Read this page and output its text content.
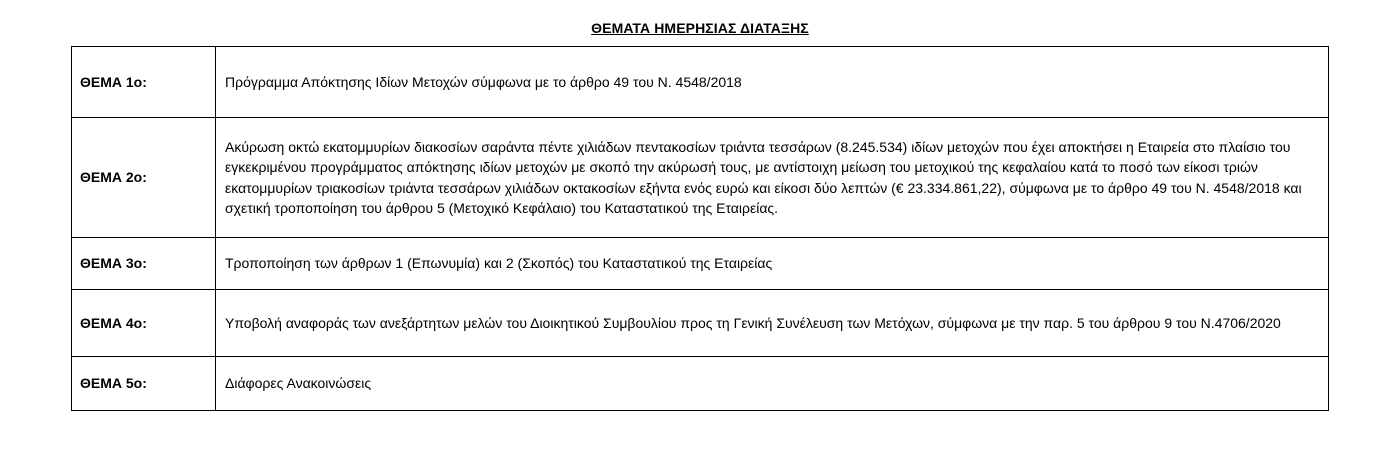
ΘΕΜΑΤΑ ΗΜΕΡΗΣΙΑΣ ΔΙΑΤΑΞΗΣ
ΘΕΜΑ 1ο:	Πρόγραμμα Απόκτησης Ιδίων Μετοχών σύμφωνα με το άρθρο 49 του Ν. 4548/2018
ΘΕΜΑ 2ο:	Ακύρωση οκτώ εκατομμυρίων διακοσίων σαράντα πέντε χιλιάδων πεντακοσίων τριάντα τεσσάρων (8.245.534) ιδίων μετοχών που έχει αποκτήσει η Εταιρεία στο πλαίσιο του εγκεκριμένου προγράμματος απόκτησης ιδίων μετοχών με σκοπό την ακύρωσή τους, με αντίστοιχη μείωση του μετοχικού της κεφαλαίου κατά το ποσό των είκοσι τριών εκατομμυρίων τριακοσίων τριάντα τεσσάρων χιλιάδων οκτακοσίων εξήντα ενός ευρώ και είκοσι δύο λεπτών (€ 23.334.861,22), σύμφωνα με το άρθρο 49 του Ν. 4548/2018 και σχετική τροποποίηση του άρθρου 5 (Μετοχικό Κεφάλαιο) του Καταστατικού της Εταιρείας.
ΘΕΜΑ 3ο:	Τροποποίηση των άρθρων 1 (Επωνυμία) και 2 (Σκοπός) του Καταστατικού της Εταιρείας
ΘΕΜΑ 4ο:	Υποβολή αναφοράς των ανεξάρτητων μελών του Διοικητικού Συμβουλίου προς τη Γενική Συνέλευση των Μετόχων, σύμφωνα με την παρ. 5 του άρθρου 9 του Ν.4706/2020
ΘΕΜΑ 5ο:	Διάφορες Ανακοινώσεις
